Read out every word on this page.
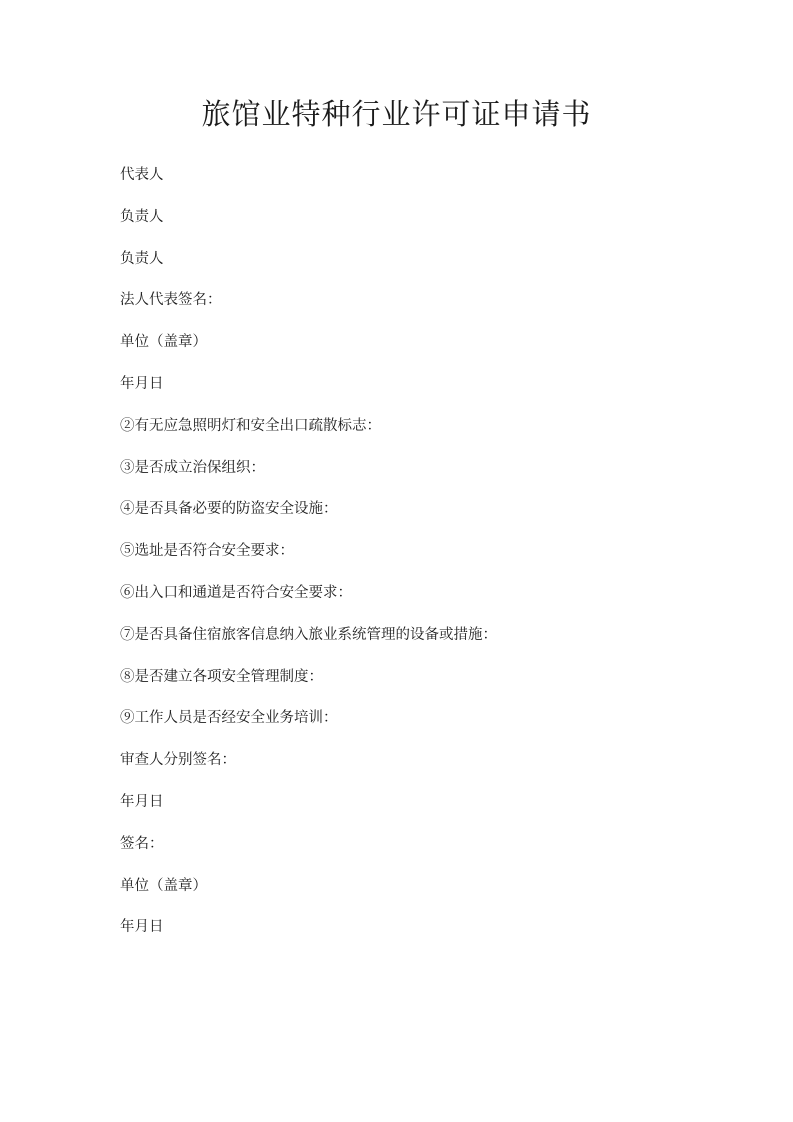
旅馆业特种行业许可证申请书
代表人
负责人
负责人
法人代表签名：
单位（盖章）
年月日
②有无应急照明灯和安全出口疏散标志：
③是否成立治保组织：
④是否具备必要的防盗安全设施：
⑤选址是否符合安全要求：
⑥出入口和通道是否符合安全要求：
⑦是否具备住宿旅客信息纳入旅业系统管理的设备或措施：
⑧是否建立各项安全管理制度：
⑨工作人员是否经安全业务培训：
审查人分别签名：
年月日
签名：
单位（盖章）
年月日
